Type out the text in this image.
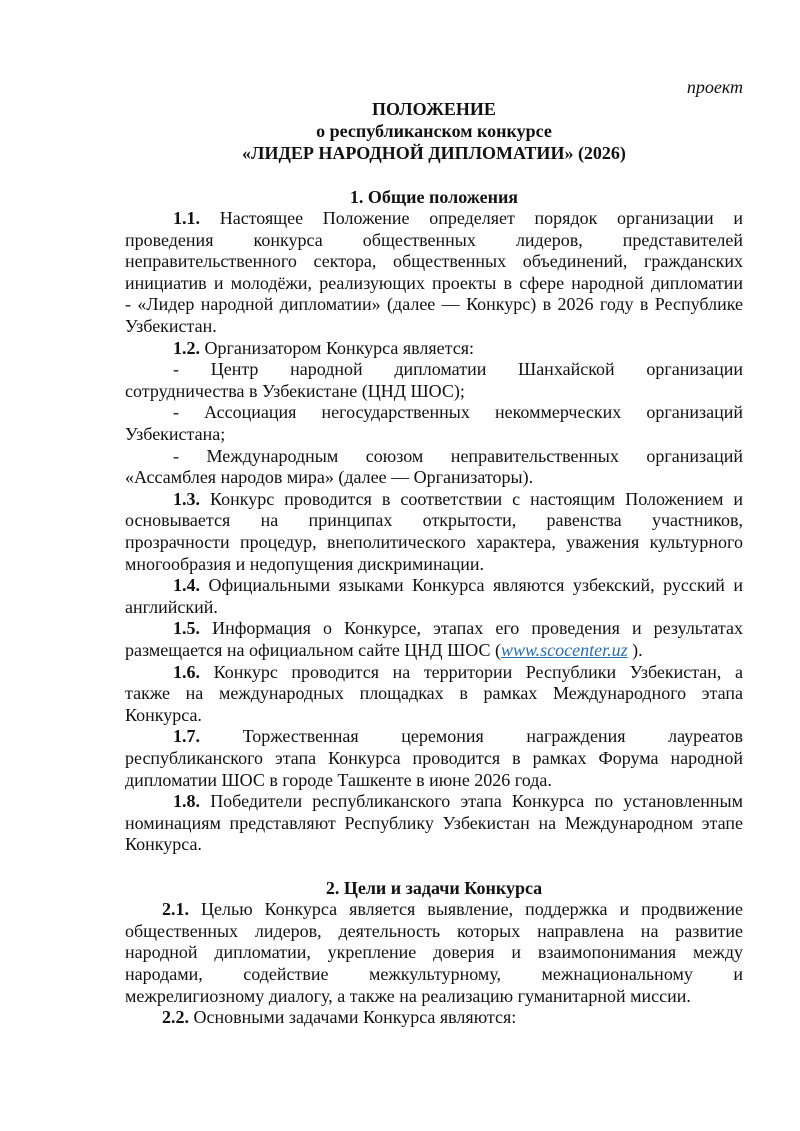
проект
ПОЛОЖЕНИЕ
о республиканском конкурсе
«ЛИДЕР НАРОДНОЙ ДИПЛОМАТИИ» (2026)
1. Общие положения
1.1. Настоящее Положение определяет порядок организации и
проведения конкурса общественных лидеров, представителей
неправительственного сектора, общественных объединений, гражданских
инициатив и молодёжи, реализующих проекты в сфере народной дипломатии
- «Лидер народной дипломатии» (далее — Конкурс) в 2026 году в Республике
Узбекистан.
1.2. Организатором Конкурса является:
- Центр народной дипломатии Шанхайской организации
сотрудничества в Узбекистане (ЦНД ШОС);
- Ассоциация негосударственных некоммерческих организаций
Узбекистана;
- Международным союзом неправительственных организаций
«Ассамблея народов мира» (далее — Организаторы).
1.3. Конкурс проводится в соответствии с настоящим Положением и
основывается на принципах открытости, равенства участников,
прозрачности процедур, внеполитического характера, уважения культурного
многообразия и недопущения дискриминации.
1.4. Официальными языками Конкурса являются узбекский, русский и
английский.
1.5. Информация о Конкурсе, этапах его проведения и результатах
размещается на официальном сайте ЦНД ШОС (www.scocenter.uz ).
1.6. Конкурс проводится на территории Республики Узбекистан, а
также на международных площадках в рамках Международного этапа
Конкурса.
1.7. Торжественная церемония награждения лауреатов
республиканского этапа Конкурса проводится в рамках Форума народной
дипломатии ШОС в городе Ташкенте в июне 2026 года.
1.8. Победители республиканского этапа Конкурса по установленным
номинациям представляют Республику Узбекистан на Международном этапе
Конкурса.
2. Цели и задачи Конкурса
2.1. Целью Конкурса является выявление, поддержка и продвижение
общественных лидеров, деятельность которых направлена на развитие
народной дипломатии, укрепление доверия и взаимопонимания между
народами, содействие межкультурному, межнациональному и
межрелигиозному диалогу, а также на реализацию гуманитарной миссии.
2.2. Основными задачами Конкурса являются:
